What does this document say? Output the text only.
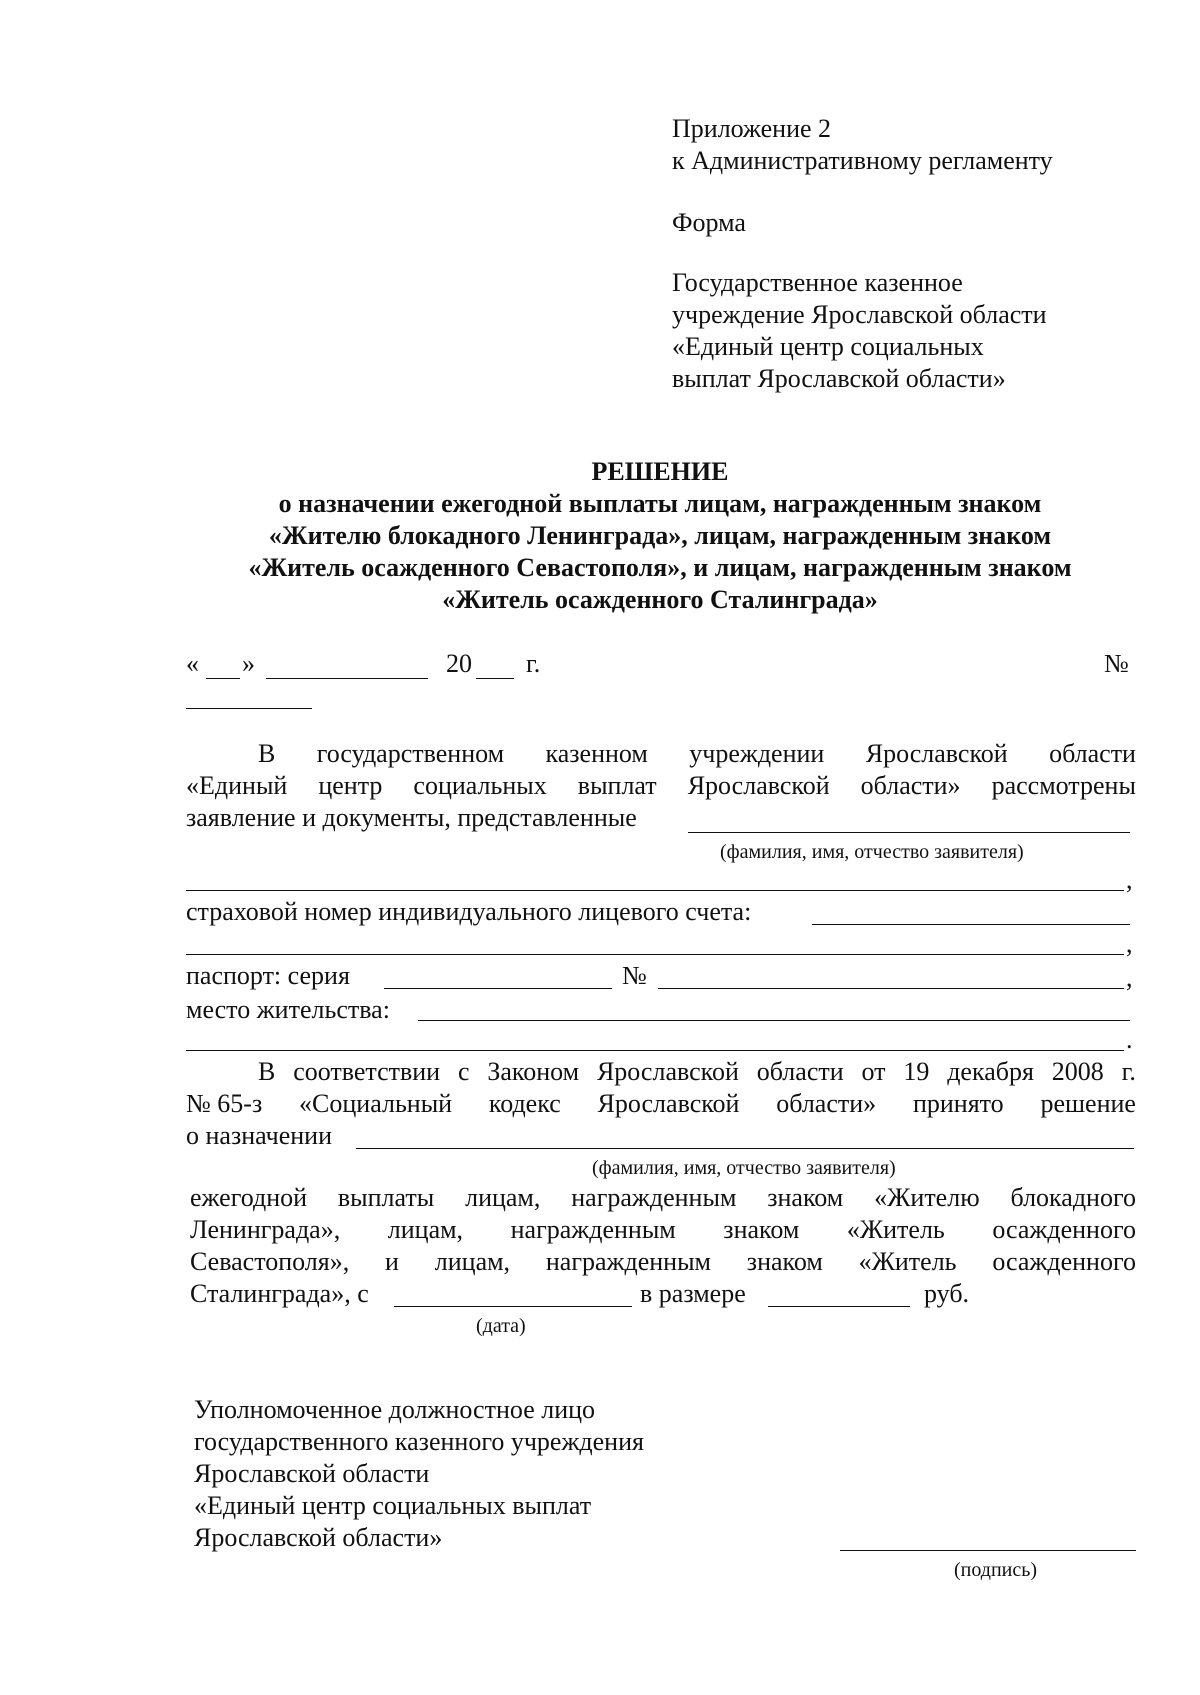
Приложение 2
к Административному регламенту
Форма
Государственное казенное
учреждение Ярославской области
«Единый центр социальных
выплат Ярославской области»
РЕШЕНИЕ
о назначении ежегодной выплаты лицам, награжденным знаком
«Жителю блокадного Ленинграда», лицам, награжденным знаком
«Житель осажденного Севастополя», и лицам, награжденным знаком
«Житель осажденного Сталинграда»
« »	20 г.	№
В государственном казенном учреждении Ярославской области
«Единый центр социальных выплат Ярославской области» рассмотрены
заявление и документы, представленные
(фамилия, имя, отчество заявителя)
,
страховой номер индивидуального лицевого счета:
,
паспорт: серия	№	,
место жительства:
.
В соответствии с Законом Ярославской области от 19 декабря 2008 г.
№ 65-з «Социальный кодекс Ярославской области» принято решение
о назначении
(фамилия, имя, отчество заявителя)
ежегодной выплаты лицам, награжденным знаком «Жителю блокадного
Ленинграда», лицам, награжденным знаком «Житель осажденного
Севастополя», и лицам, награжденным знаком «Житель осажденного
Сталинграда», с	в размере	руб.
(дата)
Уполномоченное должностное лицо
государственного казенного учреждения
Ярославской области
«Единый центр социальных выплат
Ярославской области»
(подпись)
